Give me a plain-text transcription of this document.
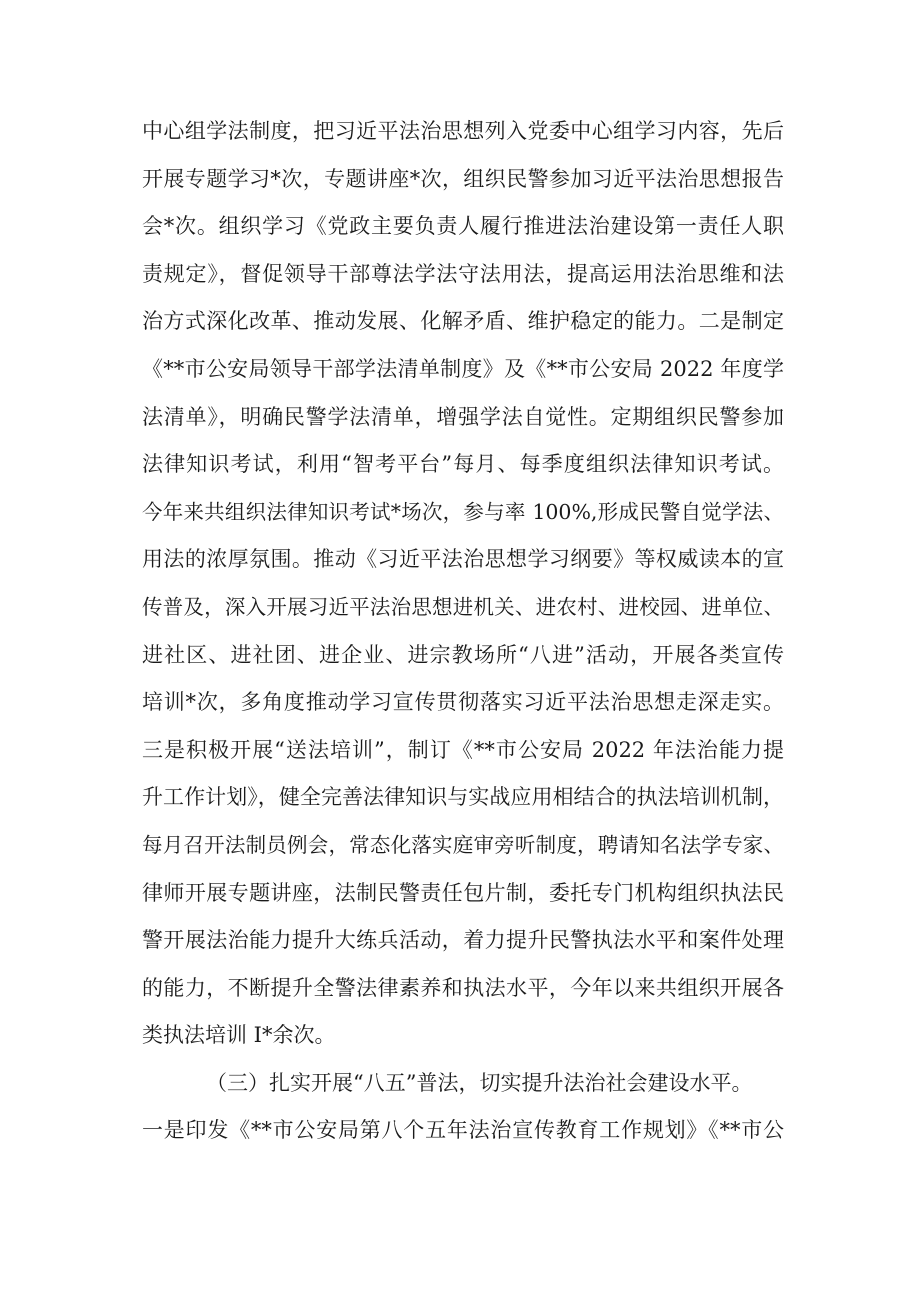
中心组学法制度，把习近平法治思想列入党委中心组学习内容，先后
开展专题学习*次，专题讲座*次，组织民警参加习近平法治思想报告
会*次。组织学习《党政主要负责人履行推进法治建设第一责任人职
责规定》，督促领导干部尊法学法守法用法，提高运用法治思维和法
治方式深化改革、推动发展、化解矛盾、维护稳定的能力。二是制定
《**市公安局领导干部学法清单制度》及《**市公安局 2022 年度学
法清单》，明确民警学法清单，增强学法自觉性。定期组织民警参加
法律知识考试，利用“智考平台”每月、每季度组织法律知识考试。
今年来共组织法律知识考试*场次，参与率 100%,形成民警自觉学法、
用法的浓厚氛围。推动《习近平法治思想学习纲要》等权威读本的宣
传普及，深入开展习近平法治思想进机关、进农村、进校园、进单位、
进社区、进社团、进企业、进宗教场所“八进”活动，开展各类宣传
培训*次，多角度推动学习宣传贯彻落实习近平法治思想走深走实。
三是积极开展“送法培训”，制订《**市公安局 2022 年法治能力提
升工作计划》，健全完善法律知识与实战应用相结合的执法培训机制，
每月召开法制员例会，常态化落实庭审旁听制度，聘请知名法学专家、
律师开展专题讲座，法制民警责任包片制，委托专门机构组织执法民
警开展法治能力提升大练兵活动，着力提升民警执法水平和案件处理
的能力，不断提升全警法律素养和执法水平，今年以来共组织开展各
类执法培训 I*余次。
（三）扎实开展“八五”普法，切实提升法治社会建设水平。
一是印发《**市公安局第八个五年法治宣传教育工作规划》《**市公
